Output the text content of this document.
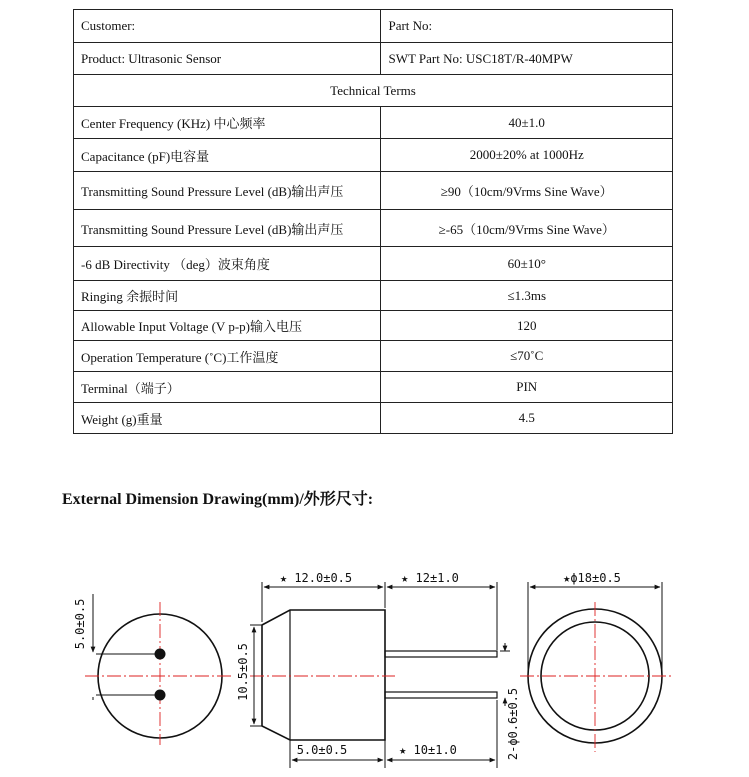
Customer:	Part No:
Product: Ultrasonic Sensor	SWT Part No: USC18T/R-40MPW
Technical Terms	
Center Frequency (KHz) 中心频率	40±1.0
Capacitance (pF)电容量	2000±20% at 1000Hz
Transmitting Sound Pressure Level (dB)输出声压	≥90（10cm/9Vrms Sine Wave）
Transmitting Sound Pressure Level (dB)输出声压	≥-65（10cm/9Vrms Sine Wave）
-6 dB Directivity （deg）波束角度	60±10°
Ringing 余振时间	≤1.3ms
Allowable Input Voltage (V p-p)输入电压	120
Operation Temperature (˚C)工作温度	≤70˚C
Terminal（端子）	PIN
Weight (g)重量	4.5
External Dimension Drawing(mm)/外形尺寸:
5.0±0.5
★ 12.0±0.5	★ 12±1.0
10.5±0.5
5.0±0.5	★ 10±1.0	2-ϕ0.6±0.5
★ϕ18±0.5
